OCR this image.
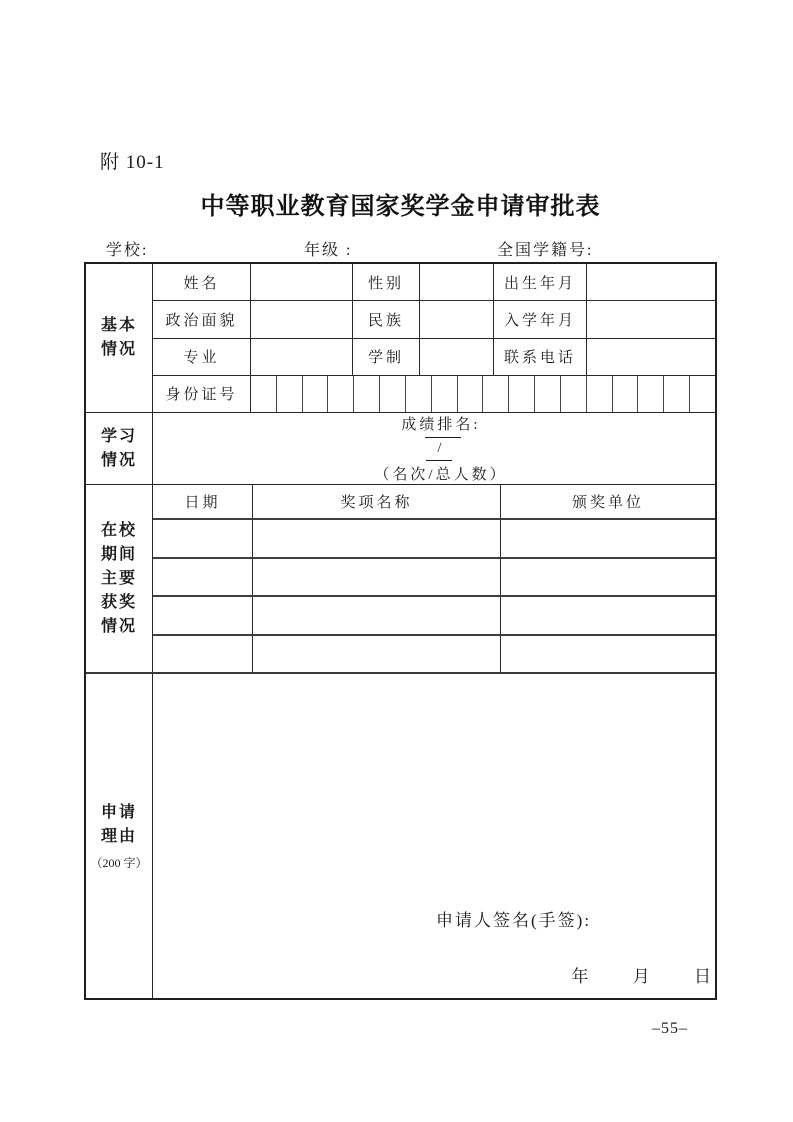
附 10-1
中等职业教育国家奖学金申请审批表
学校:	年级 :	全国学籍号:
基本
情况
姓名	性别	出生年月
政治面貌	民族	入学年月
专业	学制	联系电话
身份证号
学习
情况
成绩排名:
/
（名次/总人数）
在校
期间
主要
获奖
情况
日期	奖项名称	颁奖单位
申请
理由
（200 字）
申请人签名(手签):
年	月	日
–55–
